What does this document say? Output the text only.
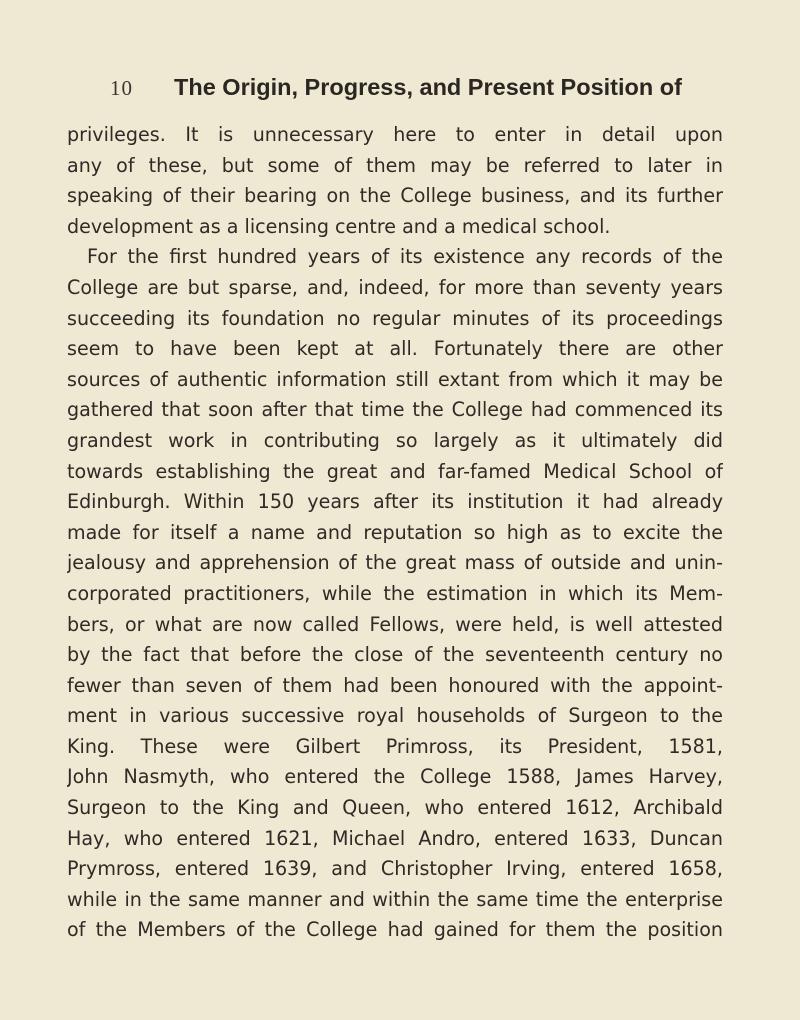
10 The Origin, Progress, and Present Position of
privileges. It is unnecessary here to enter in detail upon
any of these, but some of them may be referred to later in
speaking of their bearing on the College business, and its further
development as a licensing centre and a medical school.
For the first hundred years of its existence any records of the
College are but sparse, and, indeed, for more than seventy years
succeeding its foundation no regular minutes of its proceedings
seem to have been kept at all. Fortunately there are other
sources of authentic information still extant from which it may be
gathered that soon after that time the College had commenced its
grandest work in contributing so largely as it ultimately did
towards establishing the great and far-famed Medical School of
Edinburgh. Within 150 years after its institution it had already
made for itself a name and reputation so high as to excite the
jealousy and apprehension of the great mass of outside and unin-
corporated practitioners, while the estimation in which its Mem-
bers, or what are now called Fellows, were held, is well attested
by the fact that before the close of the seventeenth century no
fewer than seven of them had been honoured with the appoint-
ment in various successive royal households of Surgeon to the
King. These were Gilbert Primross, its President, 1581,
John Nasmyth, who entered the College 1588, James Harvey,
Surgeon to the King and Queen, who entered 1612, Archibald
Hay, who entered 1621, Michael Andro, entered 1633, Duncan
Prymross, entered 1639, and Christopher Irving, entered 1658,
while in the same manner and within the same time the enterprise
of the Members of the College had gained for them the position
